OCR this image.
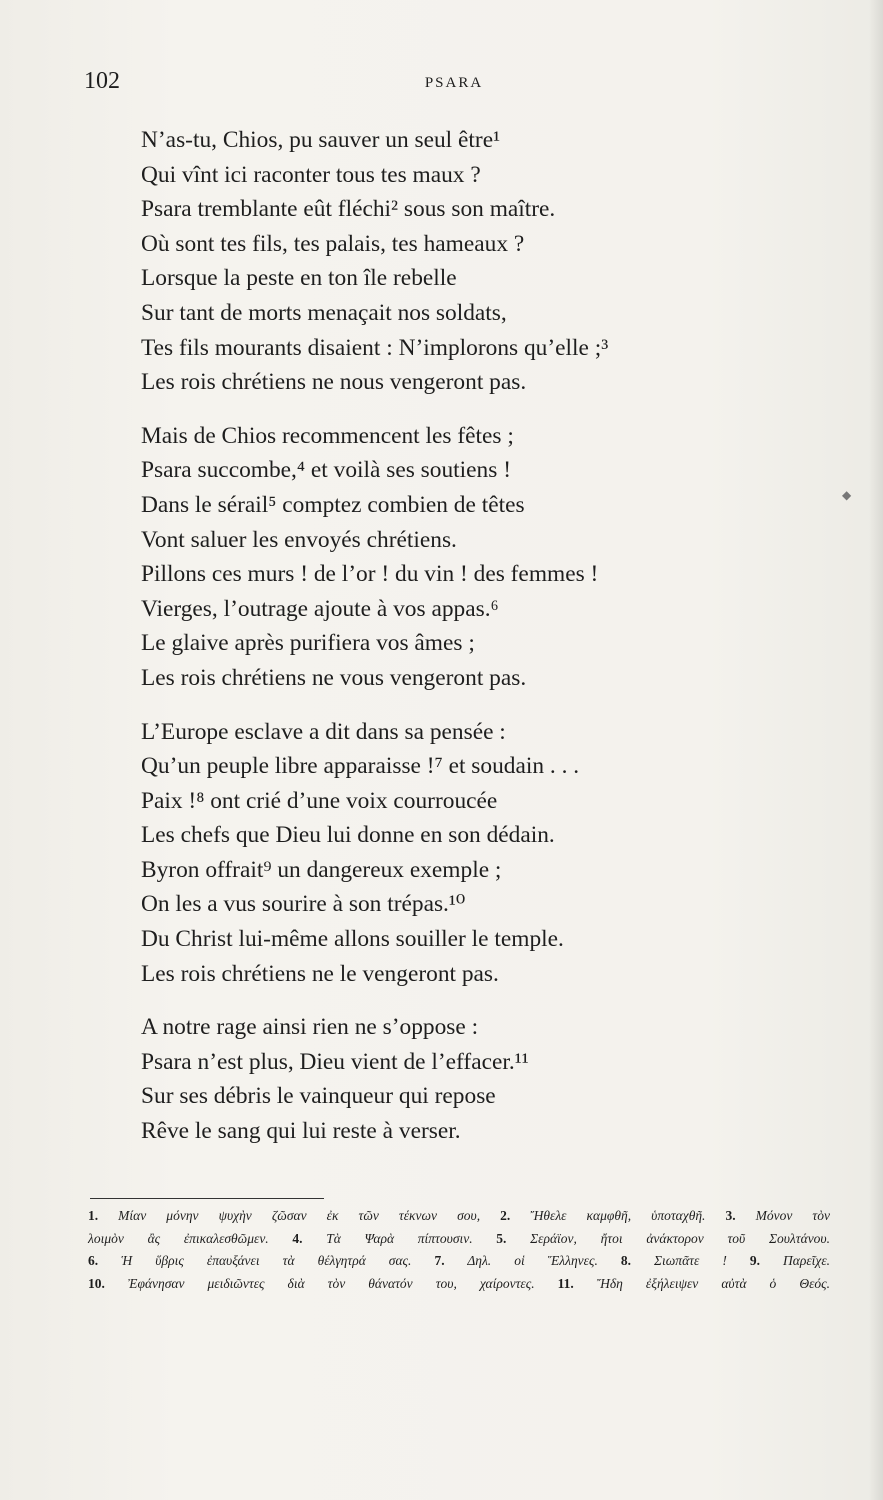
102	PSARA
N’as-tu, Chios, pu sauver un seul être¹
Qui vînt ici raconter tous tes maux ?
Psara tremblante eût fléchi² sous son maître.
Où sont tes fils, tes palais, tes hameaux ?
Lorsque la peste en ton île rebelle
Sur tant de morts menaçait nos soldats,
Tes fils mourants disaient : N’implorons qu’elle ;³
Les rois chrétiens ne nous vengeront pas.
Mais de Chios recommencent les fêtes ;
Psara succombe,⁴ et voilà ses soutiens !
Dans le sérail⁵ comptez combien de têtes
Vont saluer les envoyés chrétiens.
Pillons ces murs ! de l’or ! du vin ! des femmes !
Vierges, l’outrage ajoute à vos appas.⁶
Le glaive après purifiera vos âmes ;
Les rois chrétiens ne vous vengeront pas.
L’Europe esclave a dit dans sa pensée :
Qu’un peuple libre apparaisse !⁷ et soudain . . .
Paix !⁸ ont crié d’une voix courroucée
Les chefs que Dieu lui donne en son dédain.
Byron offrait⁹ un dangereux exemple ;
On les a vus sourire à son trépas.¹⁰
Du Christ lui-même allons souiller le temple.
Les rois chrétiens ne le vengeront pas.
A notre rage ainsi rien ne s’oppose :
Psara n’est plus, Dieu vient de l’effacer.¹¹
Sur ses débris le vainqueur qui repose
Rêve le sang qui lui reste à verser.
1. Μίαν μόνην ψυχὴν ζῶσαν ἐκ τῶν τέκνων σου, 2. Ἤθελε καμφθῆ, ὑποταχθῆ. 3. Μόνον τὸν
λοιμὸν ἂς ἐπικαλεσθῶμεν. 4. Τὰ Ψαρὰ πίπτουσιν. 5. Σεράϊον, ἤτοι ἀνάκτορον τοῦ Σουλτάνου.
6. Ἡ ὕβρις ἐπαυξάνει τὰ θέλγητρά σας. 7. Δηλ. οἱ Ἕλληνες. 8. Σιωπᾶτε ! 9. Παρεῖχε.
10. Ἐφάνησαν μειδιῶντες διὰ τὸν θάνατόν του, χαίροντες. 11. Ἤδη ἐξήλειψεν αὐτὰ ὁ Θεός.
◆
